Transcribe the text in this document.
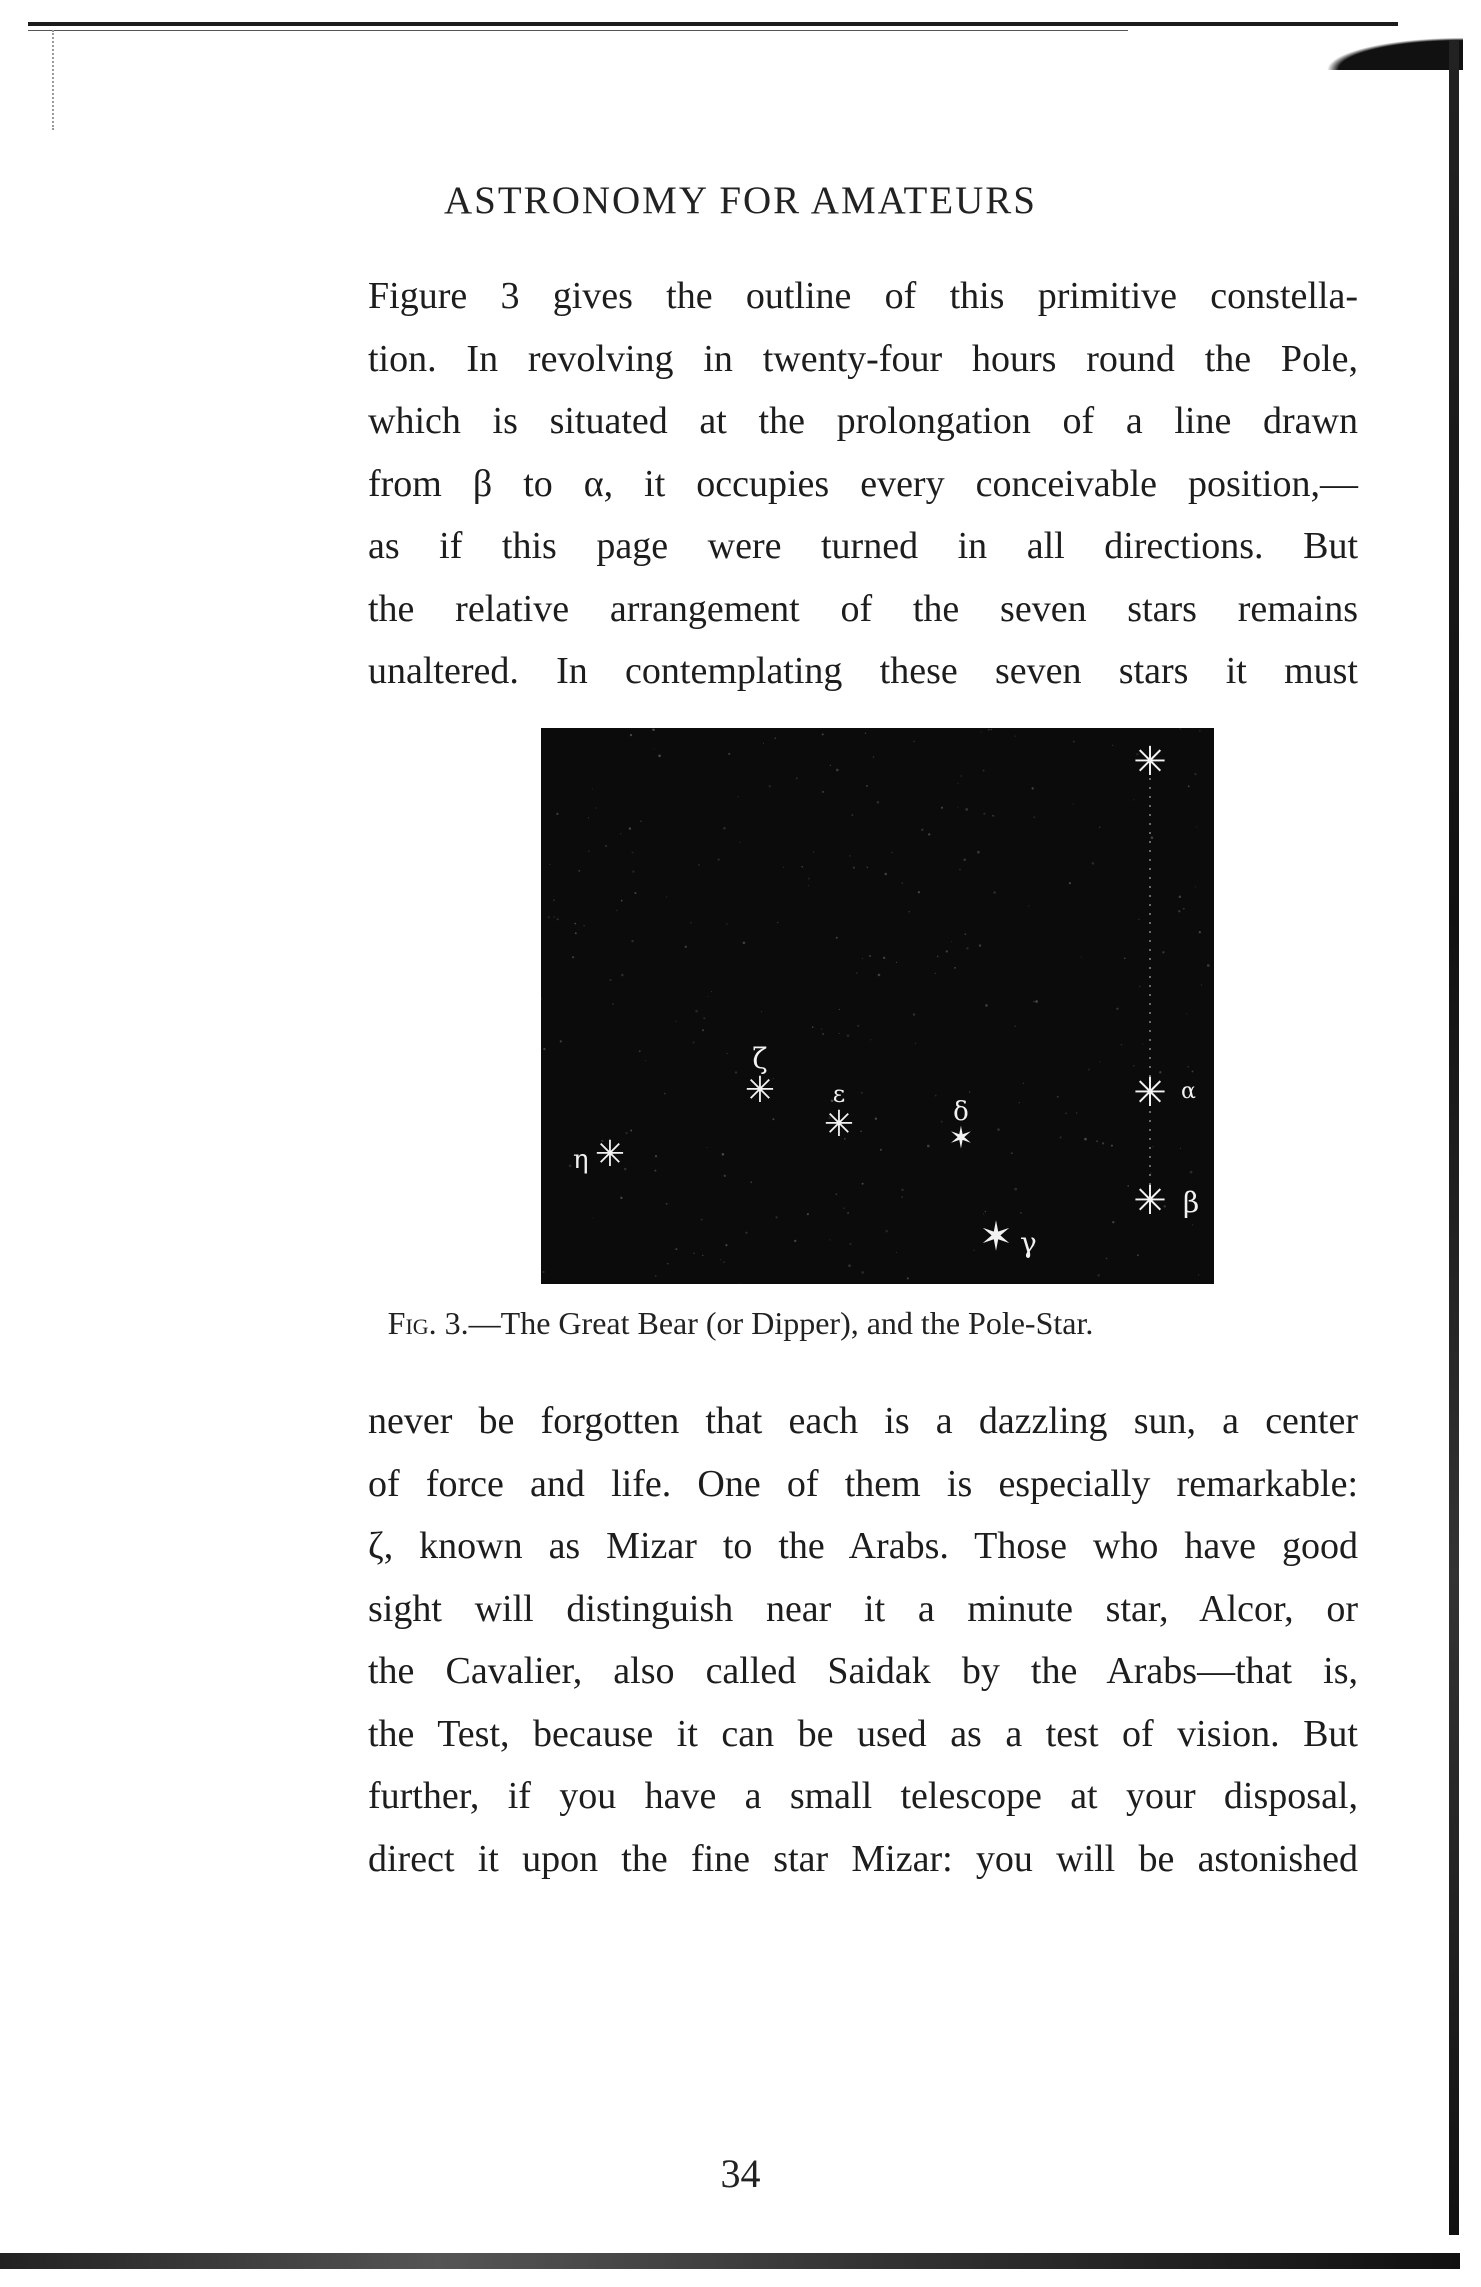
ASTRONOMY FOR AMATEURS
Figure 3 gives the outline of this primitive constella-
tion. In revolving in twenty-four hours round the Pole,
which is situated at the prolongation of a line drawn
from β to α, it occupies every conceivable position,—
as if this page were turned in all directions. But
the relative arrangement of the seven stars remains
unaltered. In contemplating these seven stars it must
✳
✳ α
✳ β
✶ γ
✶
δ
✳
ε
✳
ζ
✳
η
Fig. 3.—The Great Bear (or Dipper), and the Pole-Star.
never be forgotten that each is a dazzling sun, a center
of force and life. One of them is especially remarkable:
ζ, known as Mizar to the Arabs. Those who have good
sight will distinguish near it a minute star, Alcor, or
the Cavalier, also called Saidak by the Arabs—that is,
the Test, because it can be used as a test of vision. But
further, if you have a small telescope at your disposal,
direct it upon the fine star Mizar: you will be astonished
34
